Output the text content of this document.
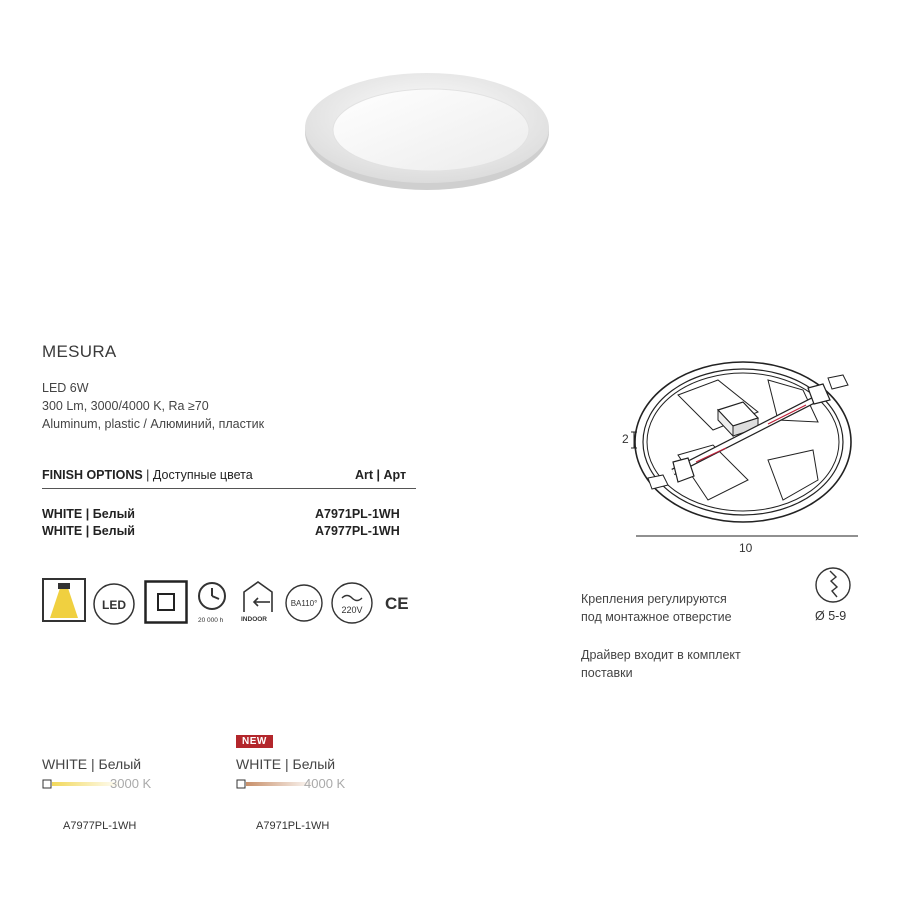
MESURA
LED 6W
300 Lm, 3000/4000 K, Ra ≥70
Aluminum, plastic / Алюминий, пластик
FINISH OPTIONS | Доступные цвета	Art | Арт
WHITE | Белый	A7971PL-1WH
WHITE | Белый	A7977PL-1WH
LED
20 000 h	INDOOR
BA110°
220V CE
2
10
Ø 5-9
Крепления регулируются
под монтажное отверстие
Драйвер входит в комплект
поставки
WHITE | Белый
3000 K
A7977PL-1WH
NEW
WHITE | Белый
4000 K
A7971PL-1WH
